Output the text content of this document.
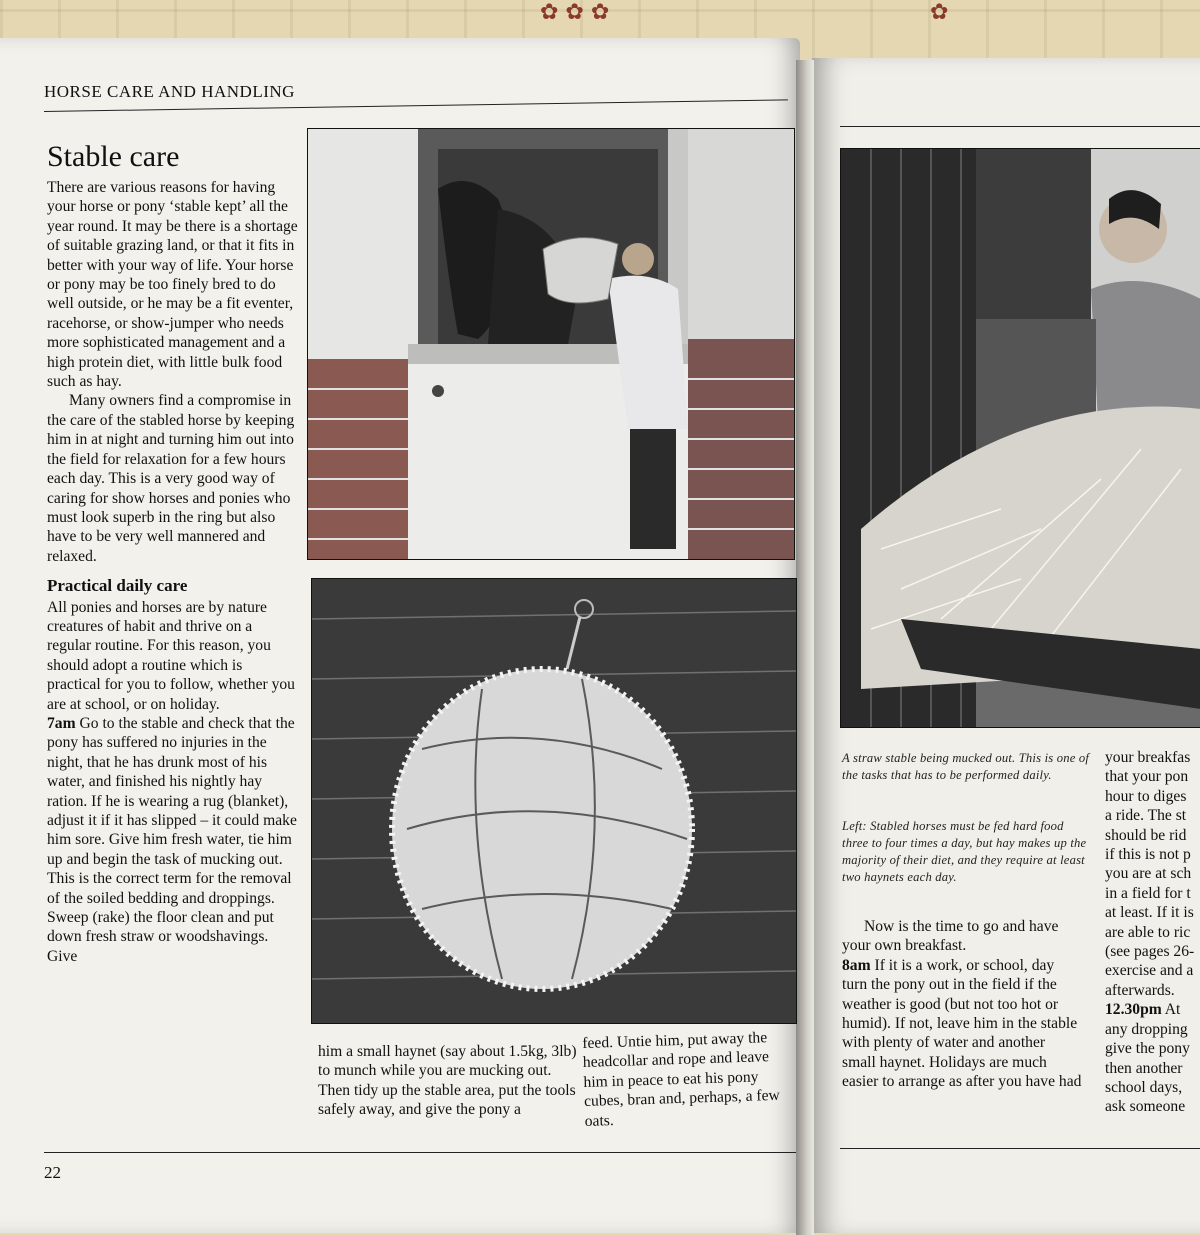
✿ ✿ ✿	✿
HORSE CARE AND HANDLING
Stable care

There are various reasons for having your horse or pony ‘stable kept’ all the year round. It may be there is a shortage of suitable grazing land, or that it fits in better with your way of life. Your horse or pony may be too finely bred to do well outside, or he may be a fit eventer, racehorse, or show-jumper who needs more sophisticated management and a high protein diet, with little bulk food such as hay.

Many owners find a compromise in the care of the stabled horse by keeping him in at night and turning him out into the field for relaxation for a few hours each day. This is a very good way of caring for show horses and ponies who must look superb in the ring but also have to be very well mannered and relaxed.

Practical daily care

All ponies and horses are by nature creatures of habit and thrive on a regular routine. For this reason, you should adopt a routine which is practical for you to follow, whether you are at school, or on holiday.

7am Go to the stable and check that the pony has suffered no injuries in the night, that he has drunk most of his water, and finished his nightly hay ration. If he is wearing a rug (blanket), adjust it if it has slipped – it could make him sore. Give him fresh water, tie him up and begin the task of mucking out. This is the correct term for the removal of the soiled bedding and droppings. Sweep (rake) the floor clean and put down fresh straw or woodshavings. Give

him a small haynet (say about 1.5kg, 3lb) to munch while you are mucking out. Then tidy up the stable area, put the tools safely away, and give the pony a

feed. Untie him, put away the headcollar and rope and leave him in peace to eat his pony cubes, bran and, perhaps, a few oats.

A straw stable being mucked out. This is one of the tasks that has to be performed daily.
Left: Stabled horses must be fed hard food three to four times a day, but hay makes up the majority of their diet, and they require at least two haynets each day.

Now is the time to go and have your own breakfast.

8am If it is a work, or school, day turn the pony out in the field if the weather is good (but not too hot or humid). If not, leave him in the stable with plenty of water and another small haynet. Holidays are much easier to arrange as after you have had

your breakfas
that your pon
hour to diges
a ride. The st
should be rid
if this is not p
you are at sch
in a field for t
at least. If it is
are able to ric
(see pages 26-
exercise and a
afterwards.
12.30pm At
any dropping
give the pony
then another
school days,
ask someone
22
